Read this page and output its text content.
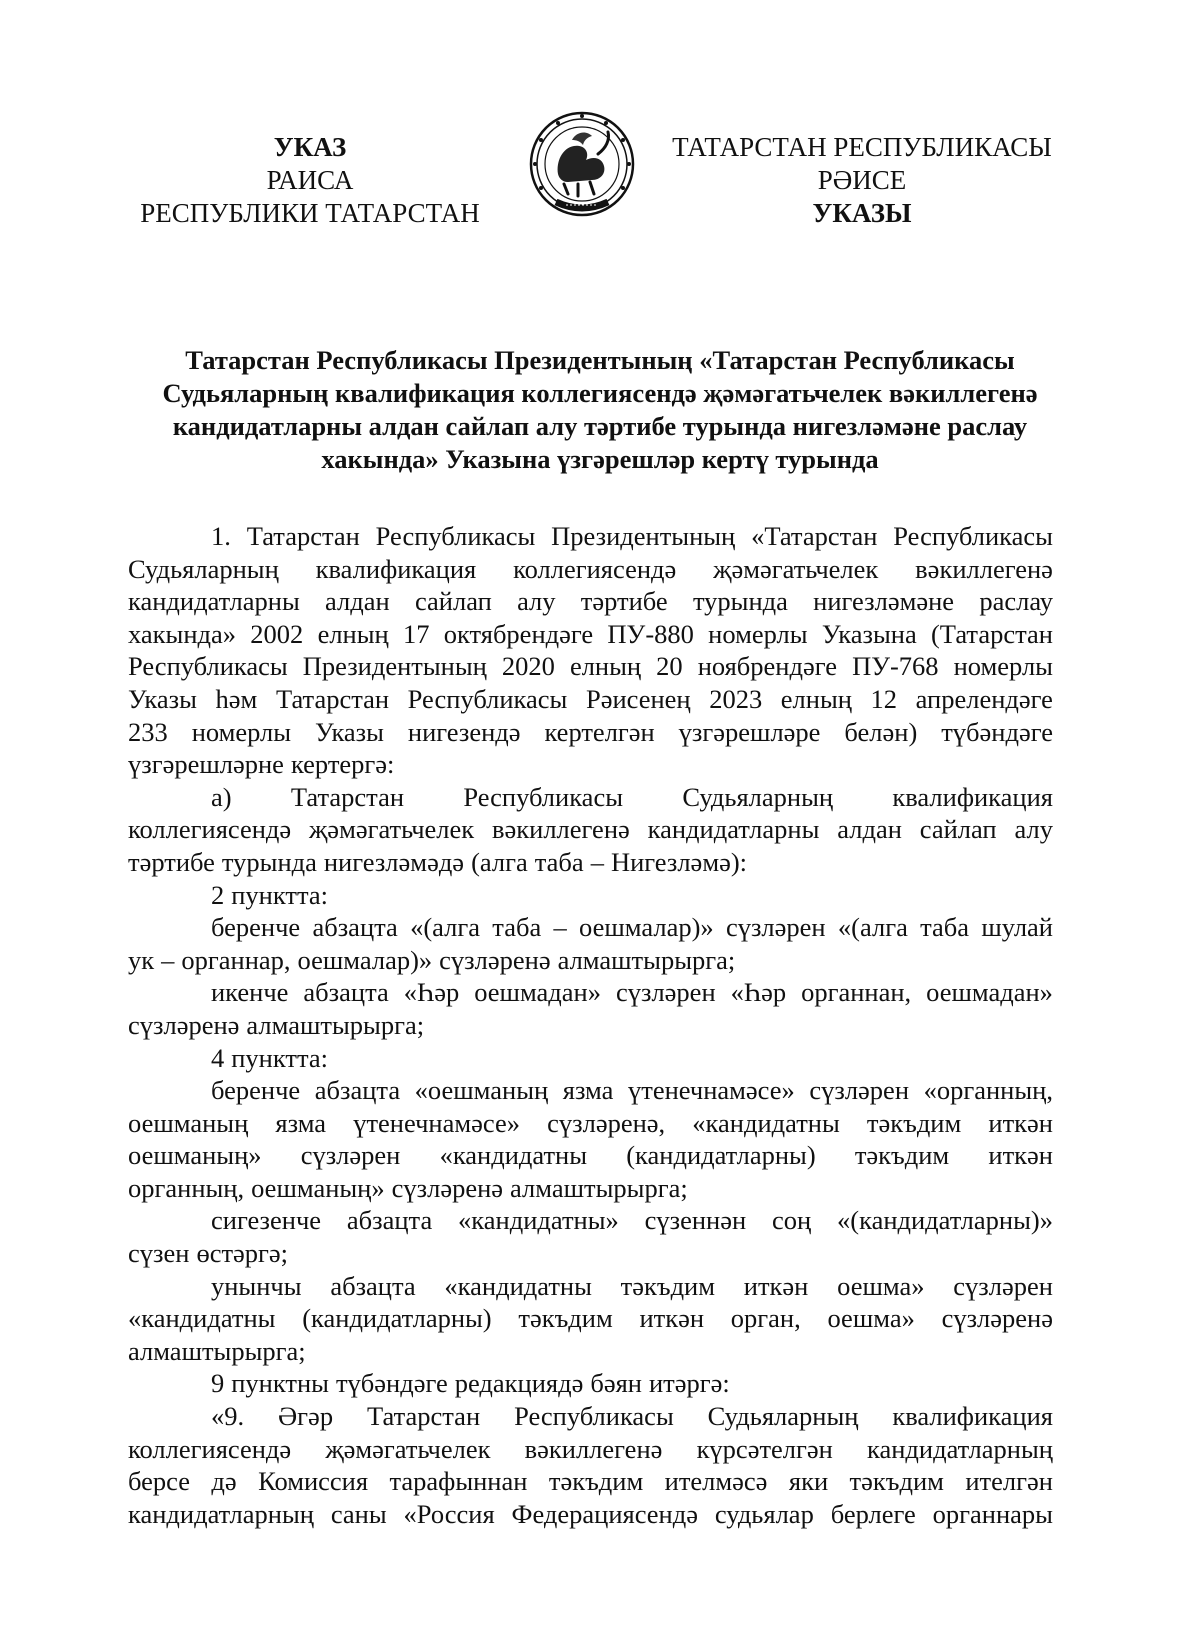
УКАЗ
РАИСА
РЕСПУБЛИКИ ТАТАРСТАН
ТАТАРСТАН РЕСПУБЛИКАСЫ
РӘИСЕ
УКАЗЫ
Татарстан Республикасы Президентының «Татарстан Республикасы
Судьяларның квалификация коллегиясендә җәмәгатьчелек вәкиллегенә
кандидатларны алдан сайлап алу тәртибе турында нигезләмәне раслау
хакында» Указына үзгәрешләр кертү турында
1. Татарстан Республикасы Президентының «Татарстан Республикасы
Судьяларның квалификация коллегиясендә җәмәгатьчелек вәкиллегенә
кандидатларны алдан сайлап алу тәртибе турында нигезләмәне раслау
хакында» 2002 елның 17 октябрендәге ПУ-880 номерлы Указына (Татарстан
Республикасы Президентының 2020 елның 20 ноябрендәге ПУ-768 номерлы
Указы һәм Татарстан Республикасы Рәисенең 2023 елның 12 апрелендәге
233 номерлы Указы нигезендә кертелгән үзгәрешләре белән) түбәндәге
үзгәрешләрне кертергә:
а) Татарстан Республикасы Судьяларның квалификация
коллегиясендә җәмәгатьчелек вәкиллегенә кандидатларны алдан сайлап алу
тәртибе турында нигезләмәдә (алга таба – Нигезләмә):
2 пунктта:
беренче абзацта «(алга таба – оешмалар)» сүзләрен «(алга таба шулай
ук – органнар, оешмалар)» сүзләренә алмаштырырга;
икенче абзацта «Һәр оешмадан» сүзләрен «Һәр органнан, оешмадан»
сүзләренә алмаштырырга;
4 пунктта:
беренче абзацта «оешманың язма үтенечнамәсе» сүзләрен «органның,
оешманың язма үтенечнамәсе» сүзләренә, «кандидатны тәкъдим иткән
оешманың» сүзләрен «кандидатны (кандидатларны) тәкъдим иткән
органның, оешманың» сүзләренә алмаштырырга;
сигезенче абзацта «кандидатны» сүзеннән соң «(кандидатларны)»
сүзен өстәргә;
унынчы абзацта «кандидатны тәкъдим иткән оешма» сүзләрен
«кандидатны (кандидатларны) тәкъдим иткән орган, оешма» сүзләренә
алмаштырырга;
9 пунктны түбәндәге редакциядә бәян итәргә:
«9. Әгәр Татарстан Республикасы Судьяларның квалификация
коллегиясендә җәмәгатьчелек вәкиллегенә күрсәтелгән кандидатларның
берсе дә Комиссия тарафыннан тәкъдим ителмәсә яки тәкъдим ителгән
кандидатларның саны «Россия Федерациясендә судьялар берлеге органнары
